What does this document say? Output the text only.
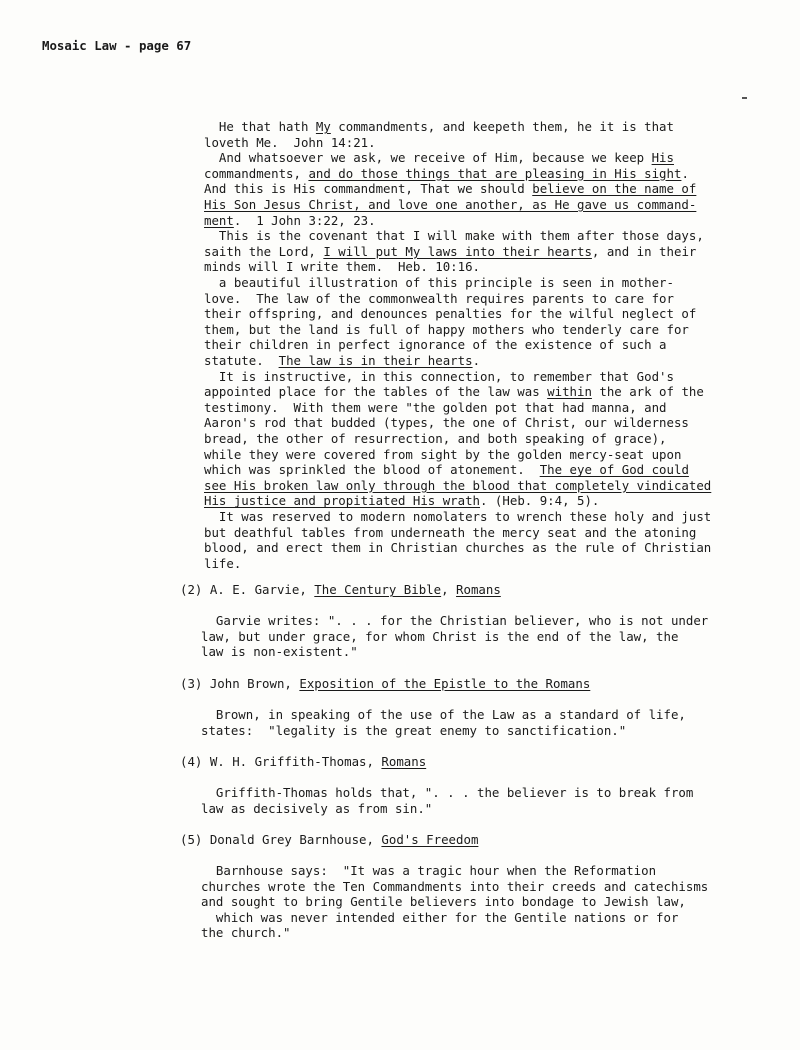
Mosaic Law - page 67
He that hath My commandments, and keepeth them, he it is that
loveth Me.  John 14:21.
And whatsoever we ask, we receive of Him, because we keep His
commandments, and do those things that are pleasing in His sight.
And this is His commandment, That we should believe on the name of
His Son Jesus Christ, and love one another, as He gave us command-
ment.  1 John 3:22, 23.
This is the covenant that I will make with them after those days,
saith the Lord, I will put My laws into their hearts, and in their
minds will I write them.  Heb. 10:16.
a beautiful illustration of this principle is seen in mother-
love.  The law of the commonwealth requires parents to care for
their offspring, and denounces penalties for the wilful neglect of
them, but the land is full of happy mothers who tenderly care for
their children in perfect ignorance of the existence of such a
statute.  The law is in their hearts.
It is instructive, in this connection, to remember that God's
appointed place for the tables of the law was within the ark of the
testimony.  With them were "the golden pot that had manna, and
Aaron's rod that budded (types, the one of Christ, our wilderness
bread, the other of resurrection, and both speaking of grace),
while they were covered from sight by the golden mercy-seat upon
which was sprinkled the blood of atonement.  The eye of God could
see His broken law only through the blood that completely vindicated
His justice and propitiated His wrath. (Heb. 9:4, 5).
It was reserved to modern nomolaters to wrench these holy and just
but deathful tables from underneath the mercy seat and the atoning
blood, and erect them in Christian churches as the rule of Christian
life.
(2) A. E. Garvie, The Century Bible, Romans
Garvie writes: ". . . for the Christian believer, who is not under
law, but under grace, for whom Christ is the end of the law, the
law is non-existent."
(3) John Brown, Exposition of the Epistle to the Romans
Brown, in speaking of the use of the Law as a standard of life,
states:  "legality is the great enemy to sanctification."
(4) W. H. Griffith-Thomas, Romans
Griffith-Thomas holds that, ". . . the believer is to break from
law as decisively as from sin."
(5) Donald Grey Barnhouse, God's Freedom
Barnhouse says:  "It was a tragic hour when the Reformation
churches wrote the Ten Commandments into their creeds and catechisms
and sought to bring Gentile believers into bondage to Jewish law,
which was never intended either for the Gentile nations or for
the church."
